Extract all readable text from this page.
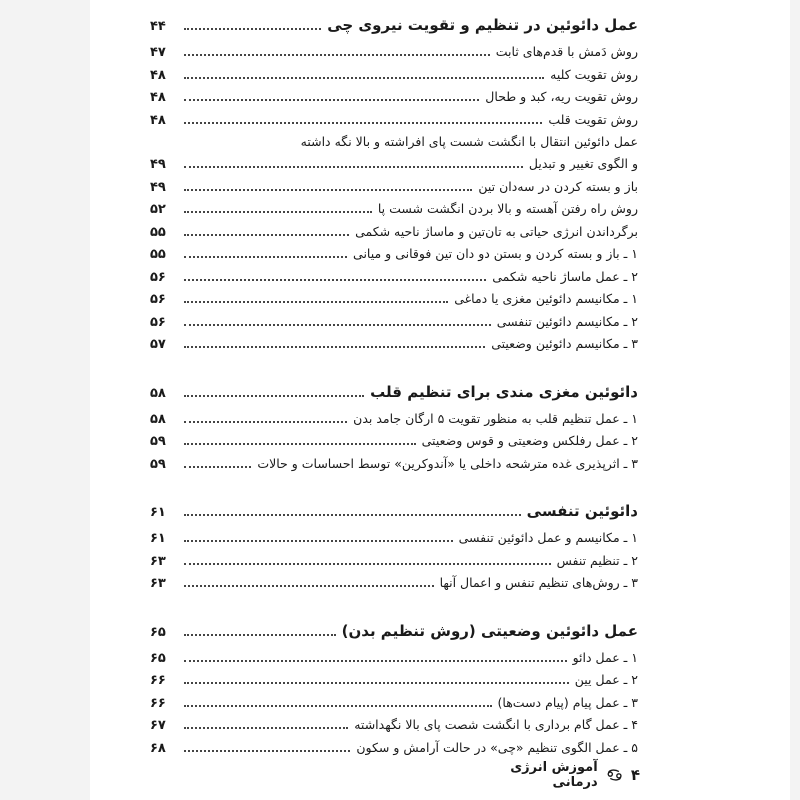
عمل دائوئین در تنظیم و تقویت نیروی چی
۴۴
روش دَمش با قدم‌های ثابت
۴۷
روش تقویت کلیه
۴۸
روش تقویت ریه، کبد و طحال
۴۸
روش تقویت قلب
۴۸
عمل دائوئین انتقال با انگشت شست پای افراشته و بالا نگه داشته
و الگوی تغییر و تبدیل
۴۹
باز و بسته کردن در سه‌دان تین
۴۹
روش راه رفتن آهسته و بالا بردن انگشت شست پا
۵۲
برگرداندن انرژی حیاتی به تان‌تین و ماساژ ناحیه شکمی
۵۵
۱ ـ باز و بسته کردن و بستن دو دان تین فوقانی و میانی
۵۵
۲ ـ عمل ماساژ ناحیه شکمی
۵۶
۱ ـ مکانیسم دائوئین مغزی یا دماغی
۵۶
۲ ـ مکانیسم دائوئین تنفسی
۵۶
۳ ـ مکانیسم دائوئین وضعیتی
۵۷
دائوئین مغزی مندی برای تنظیم قلب
۵۸
۱ ـ عمل تنظیم قلب به منظور تقویت ۵ ارگان جامد بدن
۵۸
۲ ـ عمل رفلکس وضعیتی و قوس وضعیتی
۵۹
۳ ـ اثرپذیری غده مترشحه داخلی یا «آندوکرین» توسط احساسات و حالات
۵۹
دائوئین تنفسی
۶۱
۱ ـ مکانیسم و عمل دائوئین تنفسی
۶۱
۲ ـ تنظیم تنفس
۶۳
۳ ـ روش‌های تنظیم تنفس و اعمال آنها
۶۳
عمل دائوئین وضعیتی (روش تنظیم بدن)
۶۵
۱ ـ عمل دائو
۶۵
۲ ـ عمل یین
۶۶
۳ ـ عمل پیام (پیام دست‌ها)
۶۶
۴ ـ عمل گام برداری با انگشت شصت پای بالا نگهداشته
۶۷
۵ ـ عمل الگوی تنظیم «چی» در حالت آرامش و سکون
۶۸
۴
آموزش انرژی درمانی
